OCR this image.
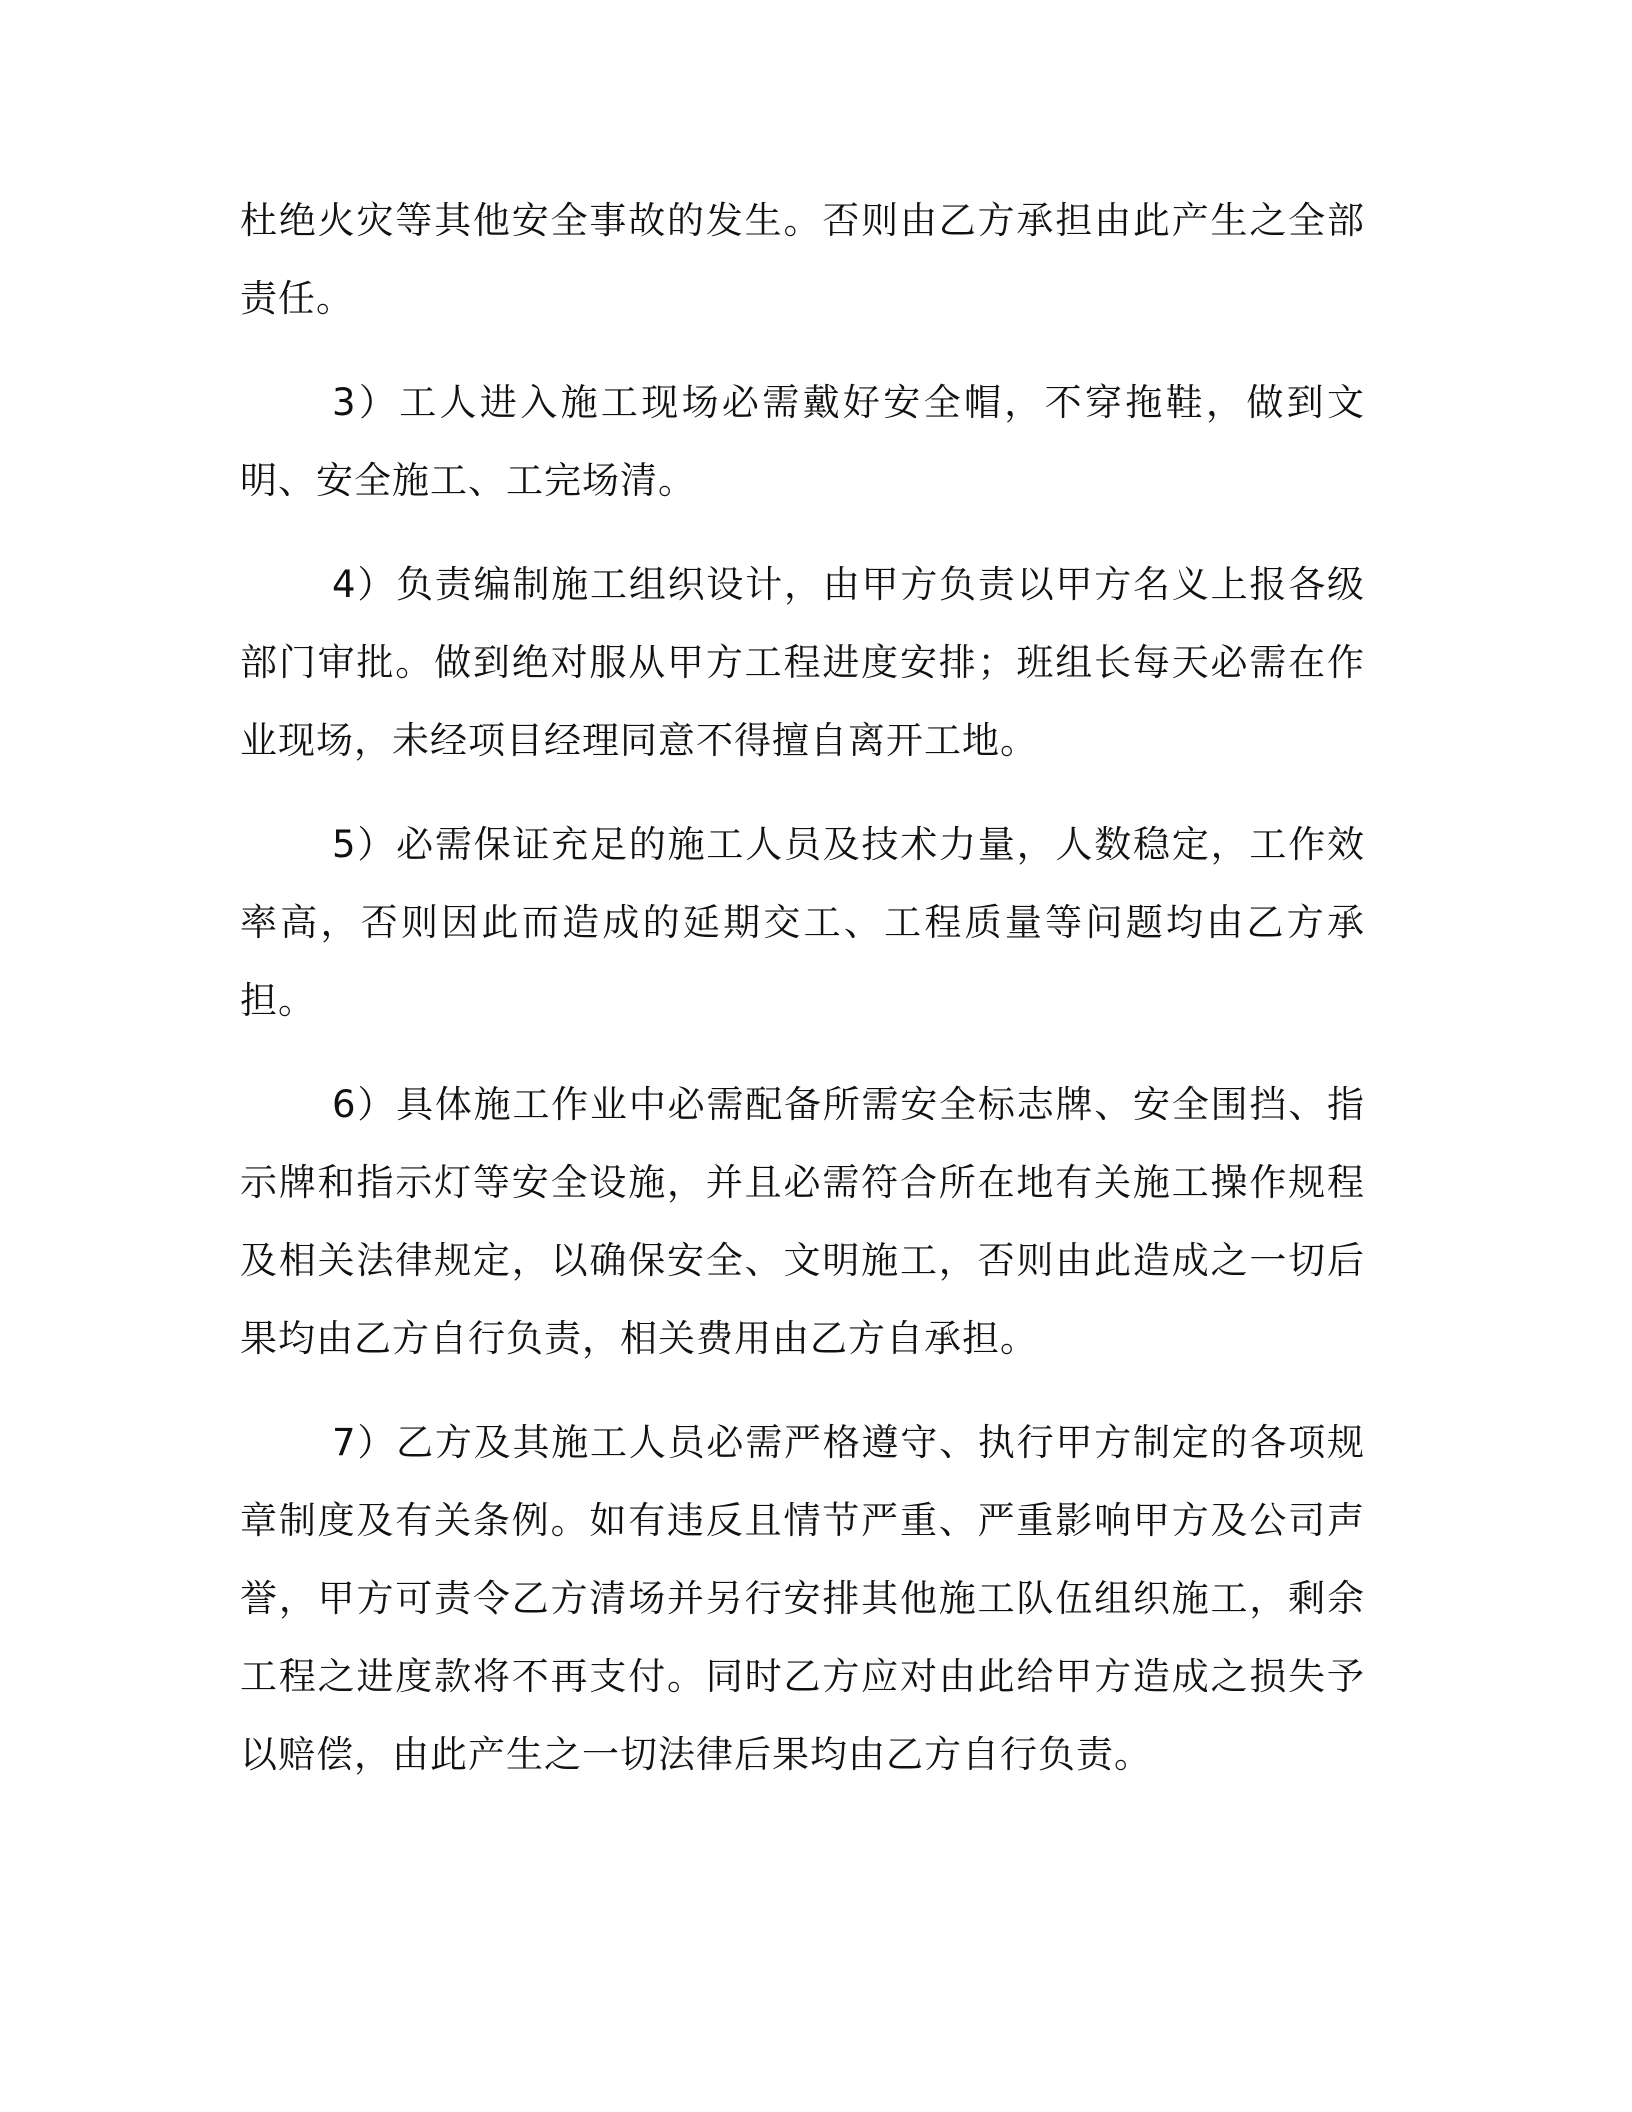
杜绝火灾等其他安全事故的发生。否则由乙方承担由此产生之全部责任。

3）工人进入施工现场必需戴好安全帽，不穿拖鞋，做到文明、安全施工、工完场清。

4）负责编制施工组织设计，由甲方负责以甲方名义上报各级部门审批。做到绝对服从甲方工程进度安排；班组长每天必需在作业现场，未经项目经理同意不得擅自离开工地。

5）必需保证充足的施工人员及技术力量，人数稳定，工作效率高，否则因此而造成的延期交工、工程质量等问题均由乙方承担。

6）具体施工作业中必需配备所需安全标志牌、安全围挡、指示牌和指示灯等安全设施，并且必需符合所在地有关施工操作规程及相关法律规定，以确保安全、文明施工，否则由此造成之一切后果均由乙方自行负责，相关费用由乙方自承担。

7）乙方及其施工人员必需严格遵守、执行甲方制定的各项规章制度及有关条例。如有违反且情节严重、严重影响甲方及公司声誉，甲方可责令乙方清场并另行安排其他施工队伍组织施工，剩余工程之进度款将不再支付。同时乙方应对由此给甲方造成之损失予以赔偿，由此产生之一切法律后果均由乙方自行负责。
